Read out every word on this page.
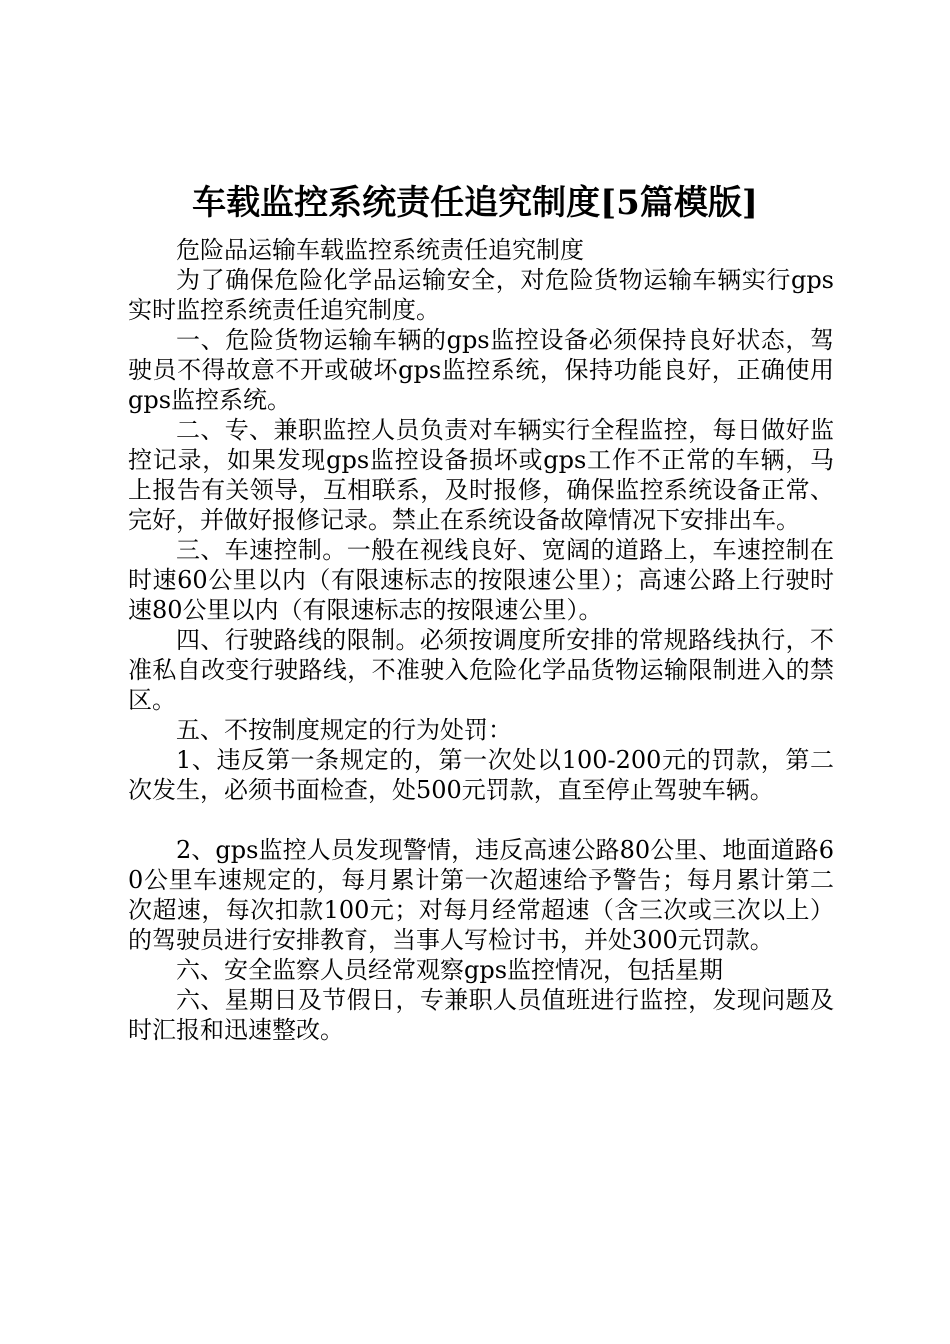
车载监控系统责任追究制度[5篇模版]

危险品运输车载监控系统责任追究制度

为了确保危险化学品运输安全，对危险货物运输车辆实行gps实时监控系统责任追究制度。

一、危险货物运输车辆的gps监控设备必须保持良好状态，驾驶员不得故意不开或破坏gps监控系统，保持功能良好，正确使用gps监控系统。

二、专、兼职监控人员负责对车辆实行全程监控，每日做好监控记录，如果发现gps监控设备损坏或gps工作不正常的车辆，马上报告有关领导，互相联系，及时报修，确保监控系统设备正常、完好，并做好报修记录。禁止在系统设备故障情况下安排出车。

三、车速控制。一般在视线良好、宽阔的道路上，车速控制在时速60公里以内（有限速标志的按限速公里）；高速公路上行驶时速80公里以内（有限速标志的按限速公里）。

四、行驶路线的限制。必须按调度所安排的常规路线执行，不准私自改变行驶路线，不准驶入危险化学品货物运输限制进入的禁区。

五、不按制度规定的行为处罚：

1、违反第一条规定的，第一次处以100-200元的罚款，第二次发生，必须书面检查，处500元罚款，直至停止驾驶车辆。

2、gps监控人员发现警情，违反高速公路80公里、地面道路60公里车速规定的，每月累计第一次超速给予警告；每月累计第二次超速，每次扣款100元；对每月经常超速（含三次或三次以上）的驾驶员进行安排教育，当事人写检讨书，并处300元罚款。

六、安全监察人员经常观察gps监控情况，包括星期

六、星期日及节假日，专兼职人员值班进行监控，发现问题及时汇报和迅速整改。
